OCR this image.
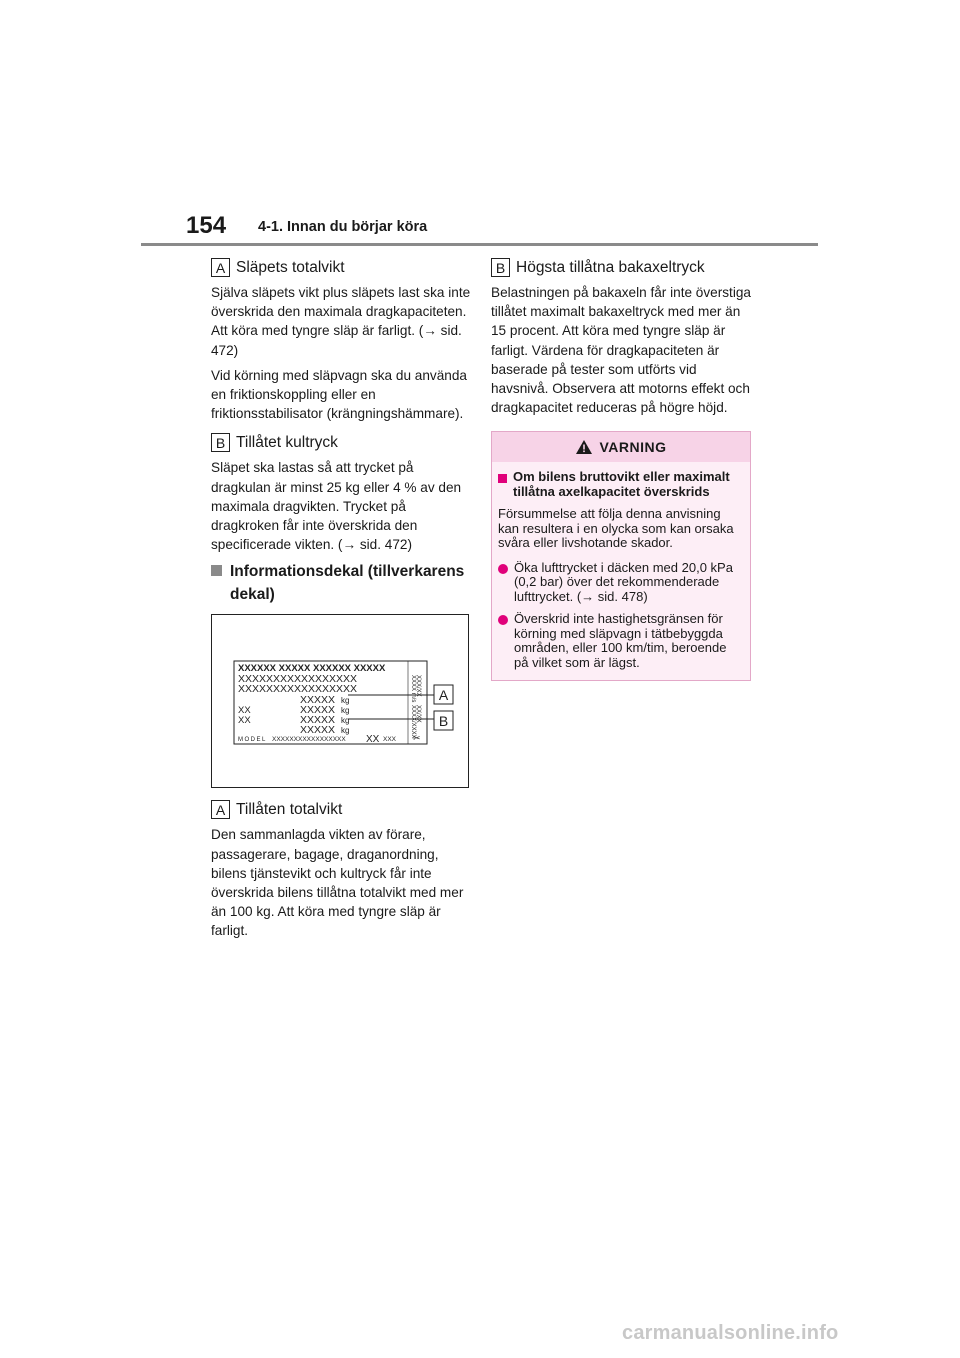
154 4-1. Innan du börjar köra
A Släpets totalvikt

Själva släpets vikt plus släpets last ska inte överskrida den maximala dragkapaciteten. Att köra med tyngre släp är farligt. (→ sid. 472)

Vid körning med släpvagn ska du använda en friktionskoppling eller en friktionsstabilisator (krängningshämmare).

B Tillåtet kultryck

Släpet ska lastas så att trycket på dragkulan är minst 25 kg eller 4 % av den maximala dragvikten. Trycket på dragkroken får inte överskrida den specificerade vikten. (→ sid. 472)

Informationsdekal (tillverkarens dekal)
XXXXXX XXXXX XXXXXX XXXXX
XXXXXXXXXXXXXXXXX
XXXXXXXXXXXXXXXXX
XXXXX kg
XXXXX kg
XX
XXXXX kg
XX
XXXXX kg
MODEL XXXXXXXXXXXXXXXXX XX XXX
XXXX m/s
XXXX/XXXX
XXX/XX
XX/XX
✂
A
B
A Tillåten totalvikt

Den sammanlagda vikten av förare, passagerare, bagage, draganordning, bilens tjänstevikt och kultryck får inte överskrida bilens tillåtna totalvikt med mer än 100 kg. Att köra med tyngre släp är farligt.

B Högsta tillåtna bakaxeltryck

Belastningen på bakaxeln får inte överstiga tillåtet maximalt bakaxeltryck med mer än 15 procent. Att köra med tyngre släp är farligt. Värdena för dragkapaciteten är baserade på tester som utförts vid havsnivå. Observera att motorns effekt och dragkapacitet reduceras på högre höjd.

VARNING
Om bilens bruttovikt eller maximalt tillåtna axelkapacitet överskrids

Försummelse att följa denna anvisning kan resultera i en olycka som kan orsaka svåra eller livshotande skador.

Öka lufttrycket i däcken med 20,0 kPa (0,2 bar) över det rekommenderade lufttrycket. (→ sid. 478)
Överskrid inte hastighetsgränsen för körning med släpvagn i tätbebyggda områden, eller 100 km/tim, beroende på vilket som är lägst.
carmanualsonline.info
